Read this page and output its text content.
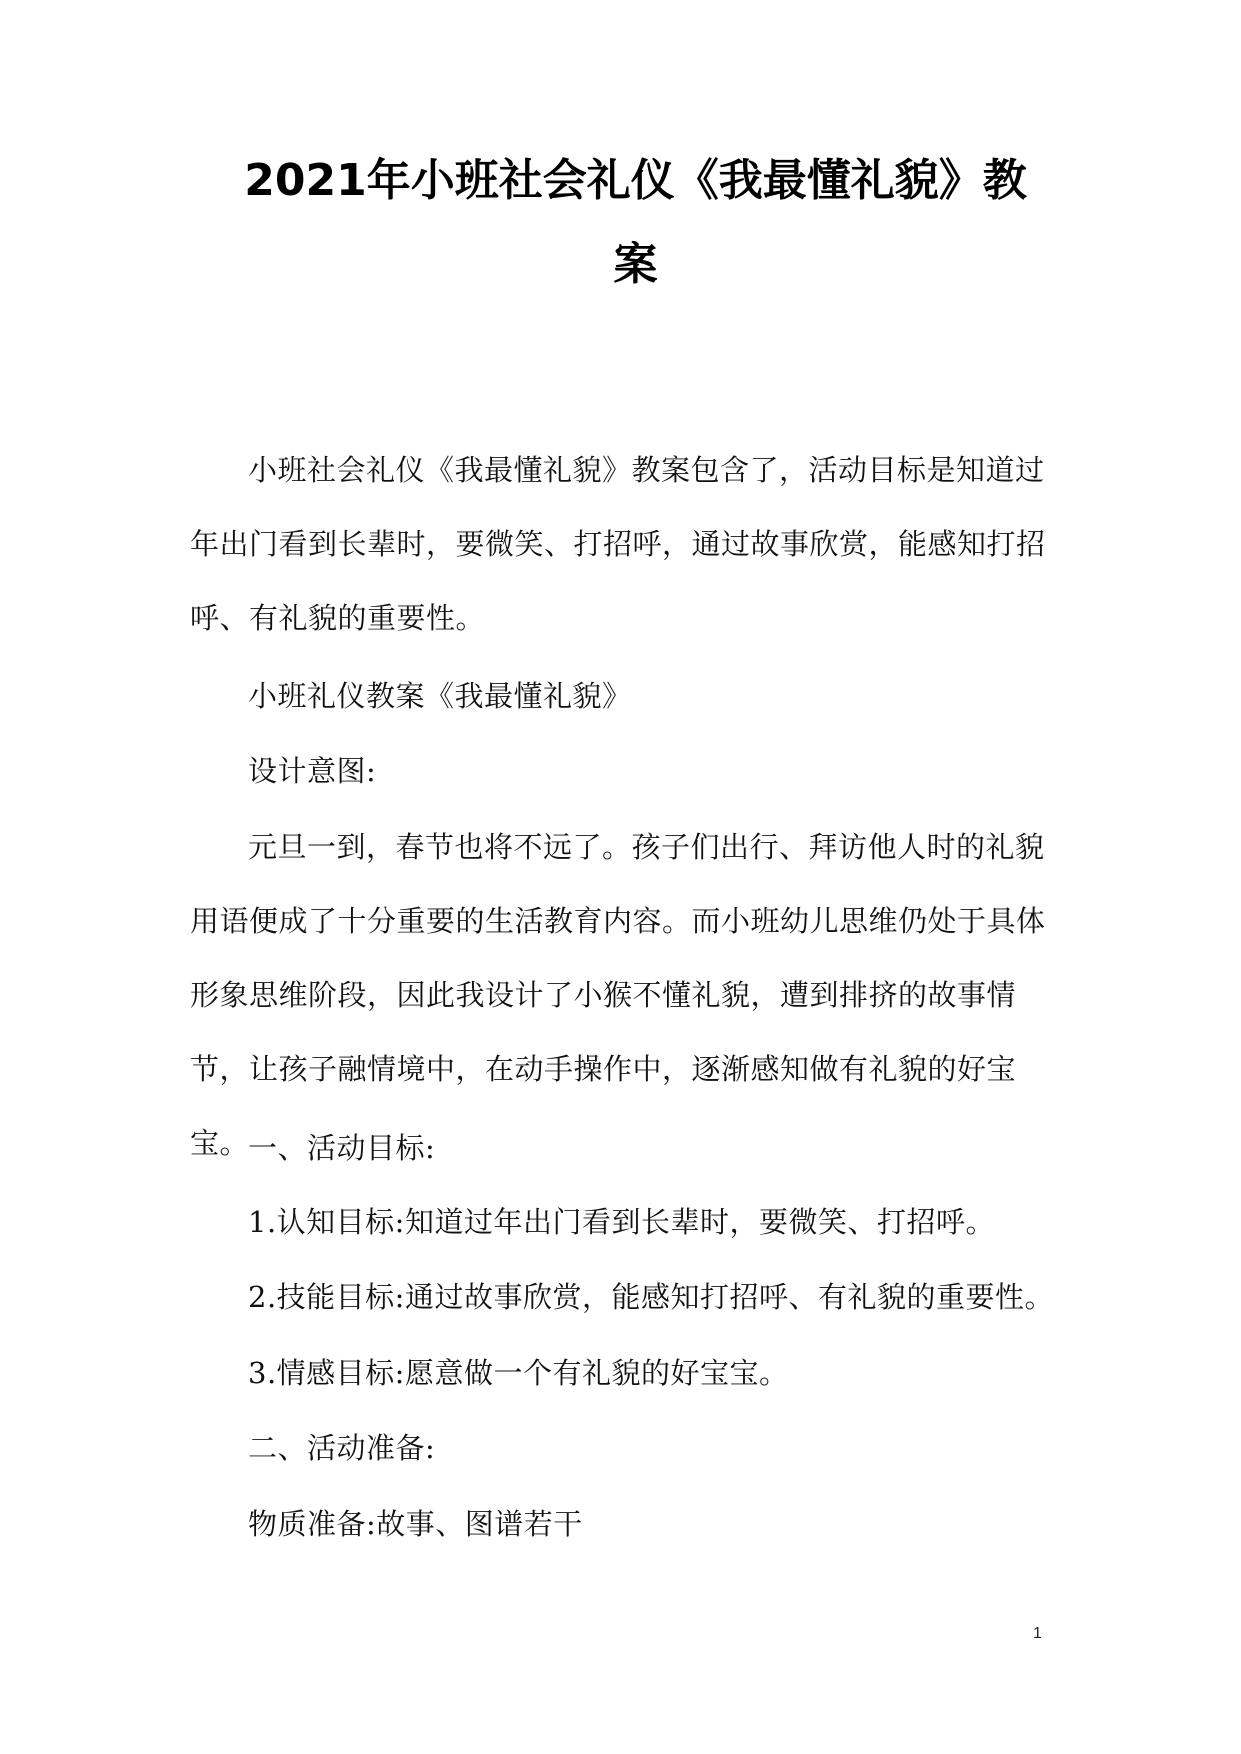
2021年小班社会礼仪《我最懂礼貌》教
案

小班社会礼仪《我最懂礼貌》教案包含了，活动目标是知道过年出门看到长辈时，要微笑、打招呼，通过故事欣赏，能感知打招呼、有礼貌的重要性。

小班礼仪教案《我最懂礼貌》

设计意图:

元旦一到，春节也将不远了。孩子们出行、拜访他人时的礼貌用语便成了十分重要的生活教育内容。而小班幼儿思维仍处于具体形象思维阶段，因此我设计了小猴不懂礼貌，遭到排挤的故事情节，让孩子融情境中，在动手操作中，逐渐感知做有礼貌的好宝宝。

一、活动目标:

1.认知目标:知道过年出门看到长辈时，要微笑、打招呼。

2.技能目标:通过故事欣赏，能感知打招呼、有礼貌的重要性。

3.情感目标:愿意做一个有礼貌的好宝宝。

二、活动准备:

物质准备:故事、图谱若干

1
